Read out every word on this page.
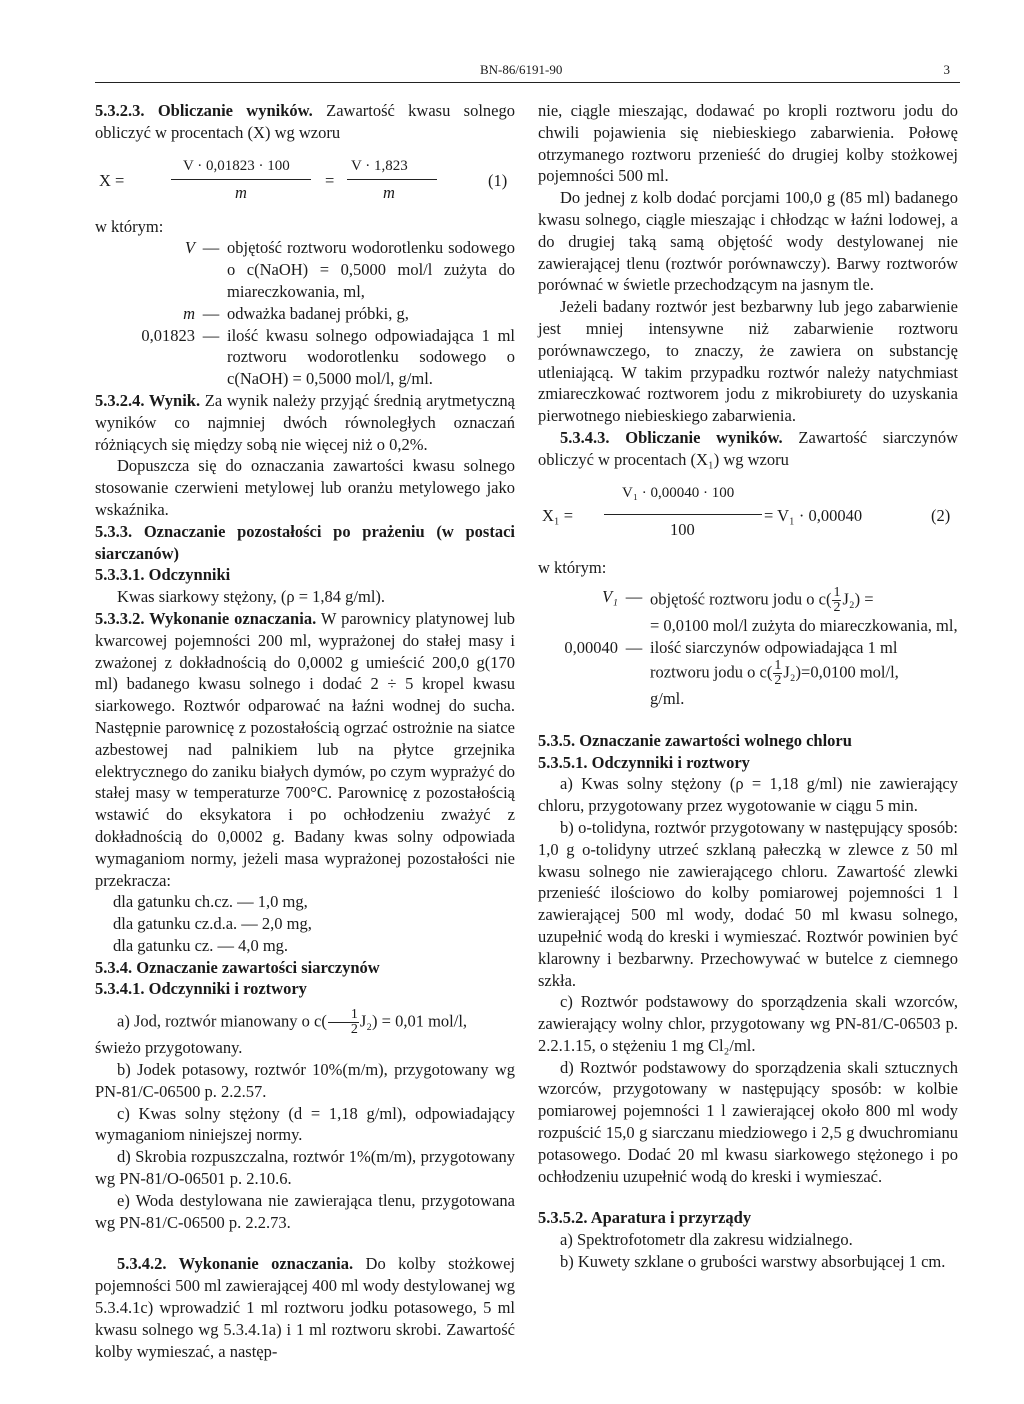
BN-86/6191-90	3

5.3.2.3. Obliczanie wyników. Zawartość kwasu solnego obliczyć w procentach (X) wg wzoru

X =
V · 0,01823 · 100
m
=
V · 1,823
m
(1)

w którym:

V — objętość roztworu wodorotlenku sodowego o c(NaOH) = 0,5000 mol/l zużyta do miareczkowania, ml,
m — odważka badanej próbki, g,
0,01823 — ilość kwasu solnego odpowiadająca 1 ml roztworu wodorotlenku sodowego o c(NaOH) = 0,5000 mol/l, g/ml.

5.3.2.4. Wynik. Za wynik należy przyjąć średnią arytmetyczną wyników co najmniej dwóch równoległych oznaczań różniących się między sobą nie więcej niż o 0,2%.

Dopuszcza się do oznaczania zawartości kwasu solnego stosowanie czerwieni metylowej lub oranżu metylowego jako wskaźnika.

5.3.3. Oznaczanie pozostałości po prażeniu (w postaci siarczanów)

5.3.3.1. Odczynniki

Kwas siarkowy stężony, (ρ = 1,84 g/ml).

5.3.3.2. Wykonanie oznaczania. W parownicy platynowej lub kwarcowej pojemności 200 ml, wyprażonej do stałej masy i zważonej z dokładnością do 0,0002 g umieścić 200,0 g(170 ml) badanego kwasu solnego i dodać 2 ÷ 5 kropel kwasu siarkowego. Roztwór odparować na łaźni wodnej do sucha. Następnie parownicę z pozostałością ogrzać ostrożnie na siatce azbestowej nad palnikiem lub na płytce grzejnika elektrycznego do zaniku białych dymów, po czym wyprażyć do stałej masy w temperaturze 700°C. Parownicę z pozostałością wstawić do eksykatora i po ochłodzeniu zważyć z dokładnością do 0,0002 g. Badany kwas solny odpowiada wymaganiom normy, jeżeli masa wyprażonej pozostałości nie przekracza:

dla gatunku ch.cz. — 1,0 mg,

dla gatunku cz.d.a. — 2,0 mg,

dla gatunku cz. — 4,0 mg.

5.3.4. Oznaczanie zawartości siarczynów

5.3.4.1. Odczynniki i roztwory

a) Jod, roztwór mianowany o $c( \frac{1}{2} J_2) = 0,01$ mol/l,

świeżo przygotowany.

b) Jodek potasowy, roztwór 10%(m/m), przygotowany wg PN-81/C-06500 p. 2.2.57.

c) Kwas solny stężony (d = 1,18 g/ml), odpowiadający wymaganiom niniejszej normy.

d) Skrobia rozpuszczalna, roztwór 1%(m/m), przygotowany wg PN-81/O-06501 p. 2.10.6.

e) Woda destylowana nie zawierająca tlenu, przygotowana wg PN-81/C-06500 p. 2.2.73.

5.3.4.2. Wykonanie oznaczania. Do kolby stożkowej pojemności 500 ml zawierającej 400 ml wody destylowanej wg 5.3.4.1c) wprowadzić 1 ml roztworu jodku potasowego, 5 ml kwasu solnego wg 5.3.4.1a) i 1 ml roztworu skrobi. Zawartość kolby wymieszać, a następ-

nie, ciągle mieszając, dodawać po kropli roztworu jodu do chwili pojawienia się niebieskiego zabarwienia. Połowę otrzymanego roztworu przenieść do drugiej kolby stożkowej pojemności 500 ml.

Do jednej z kolb dodać porcjami 100,0 g (85 ml) badanego kwasu solnego, ciągle mieszając i chłodząc w łaźni lodowej, a do drugiej taką samą objętość wody destylowanej nie zawierającej tlenu (roztwór porównawczy). Barwy roztworów porównać w świetle przechodzącym na jasnym tle.

Jeżeli badany roztwór jest bezbarwny lub jego zabarwienie jest mniej intensywne niż zabarwienie roztworu porównawczego, to znaczy, że zawiera on substancję utleniającą. W takim przypadku roztwór należy natychmiast zmiareczkować roztworem jodu z mikrobiurety do uzyskania pierwotnego niebieskiego zabarwienia.

5.3.4.3. Obliczanie wyników. Zawartość siarczynów obliczyć w procentach (X₁) wg wzoru

X₁ =
V₁ · 0,00040 · 100
100
= V₁ · 0,00040	(2)

w którym:

V₁ — objętość roztworu jodu o $c( \frac{1}{2} J_2)$ =
= 0,0100 mol/l zużyta do miareczkowania, ml,
0,00040 — ilość siarczynów odpowiadająca 1 ml
roztworu jodu o $c( \frac{1}{2} J_2)=0,0100$ mol/l,
g/ml.

5.3.5. Oznaczanie zawartości wolnego chloru

5.3.5.1. Odczynniki i roztwory

a) Kwas solny stężony (ρ = 1,18 g/ml) nie zawierający chloru, przygotowany przez wygotowanie w ciągu 5 min.

b) o-tolidyna, roztwór przygotowany w następujący sposób: 1,0 g o-tolidyny utrzeć szklaną pałeczką w zlewce z 50 ml kwasu solnego nie zawierającego chloru. Zawartość zlewki przenieść ilościowo do kolby pomiarowej pojemności 1 l zawierającej 500 ml wody, dodać 50 ml kwasu solnego, uzupełnić wodą do kreski i wymieszać. Roztwór powinien być klarowny i bezbarwny. Przechowywać w butelce z ciemnego szkła.

c) Roztwór podstawowy do sporządzenia skali wzorców, zawierający wolny chlor, przygotowany wg PN-81/C-06503 p. 2.2.1.15, o stężeniu 1 mg Cl₂/ml.

d) Roztwór podstawowy do sporządzenia skali sztucznych wzorców, przygotowany w następujący sposób: w kolbie pomiarowej pojemności 1 l zawierającej około 800 ml wody rozpuścić 15,0 g siarczanu miedziowego i 2,5 g dwuchromianu potasowego. Dodać 20 ml kwasu siarkowego stężonego i po ochłodzeniu uzupełnić wodą do kreski i wymieszać.

5.3.5.2. Aparatura i przyrządy

a) Spektrofotometr dla zakresu widzialnego.

b) Kuwety szklane o grubości warstwy absorbującej 1 cm.
